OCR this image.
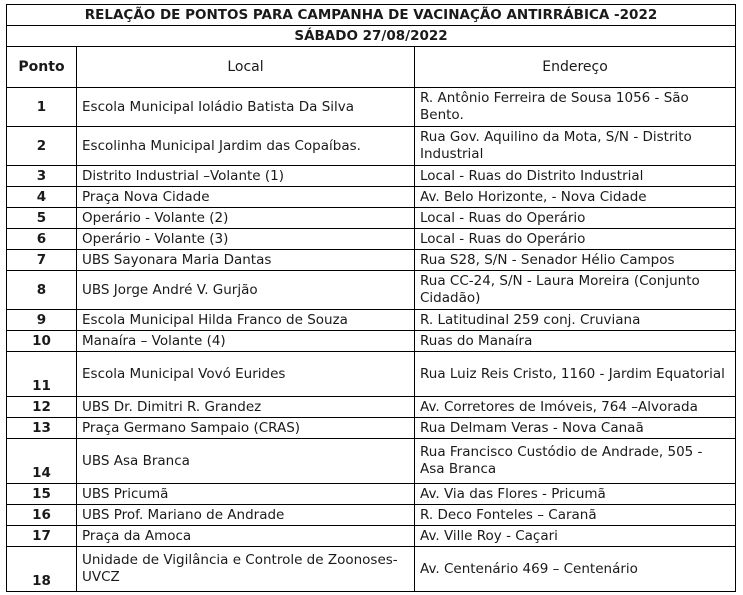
RELAÇÃO DE PONTOS PARA CAMPANHA DE VACINAÇÃO ANTIRRÁBICA -2022		
SÁBADO 27/08/2022		
Ponto	Local	Endereço
1	Escola Municipal Ioládio Batista Da Silva	R. Antônio Ferreira de Sousa 1056 - São Bento.
2	Escolinha Municipal Jardim das Copaíbas.	Rua Gov. Aquilino da Mota, S/N - Distrito Industrial
3	Distrito Industrial –Volante (1)	Local - Ruas do Distrito Industrial
4	Praça Nova Cidade	Av. Belo Horizonte, - Nova Cidade
5	Operário - Volante (2)	Local - Ruas do Operário
6	Operário - Volante (3)	Local - Ruas do Operário
7	UBS Sayonara Maria Dantas	Rua S28, S/N - Senador Hélio Campos
8	UBS Jorge André V. Gurjão	Rua CC-24, S/N - Laura Moreira (Conjunto Cidadão)
9	Escola Municipal Hilda Franco de Souza	R. Latitudinal 259 conj. Cruviana
10	Manaíra – Volante (4)	Ruas do Manaíra
11	Escola Municipal Vovó Eurides	Rua Luiz Reis Cristo, 1160 - Jardim Equatorial
12	UBS Dr. Dimitri R. Grandez	Av. Corretores de Imóveis, 764 –Alvorada
13	Praça Germano Sampaio (CRAS)	Rua Delmam Veras - Nova Canaã
14	UBS Asa Branca	Rua Francisco Custódio de Andrade, 505 - Asa Branca
15	UBS Pricumã	Av. Via das Flores - Pricumã
16	UBS Prof. Mariano de Andrade	R. Deco Fonteles – Caranã
17	Praça da Amoca	Av. Ville Roy - Caçari
18	Unidade de Vigilância e Controle de Zoonoses-UVCZ	Av. Centenário 469 – Centenário
